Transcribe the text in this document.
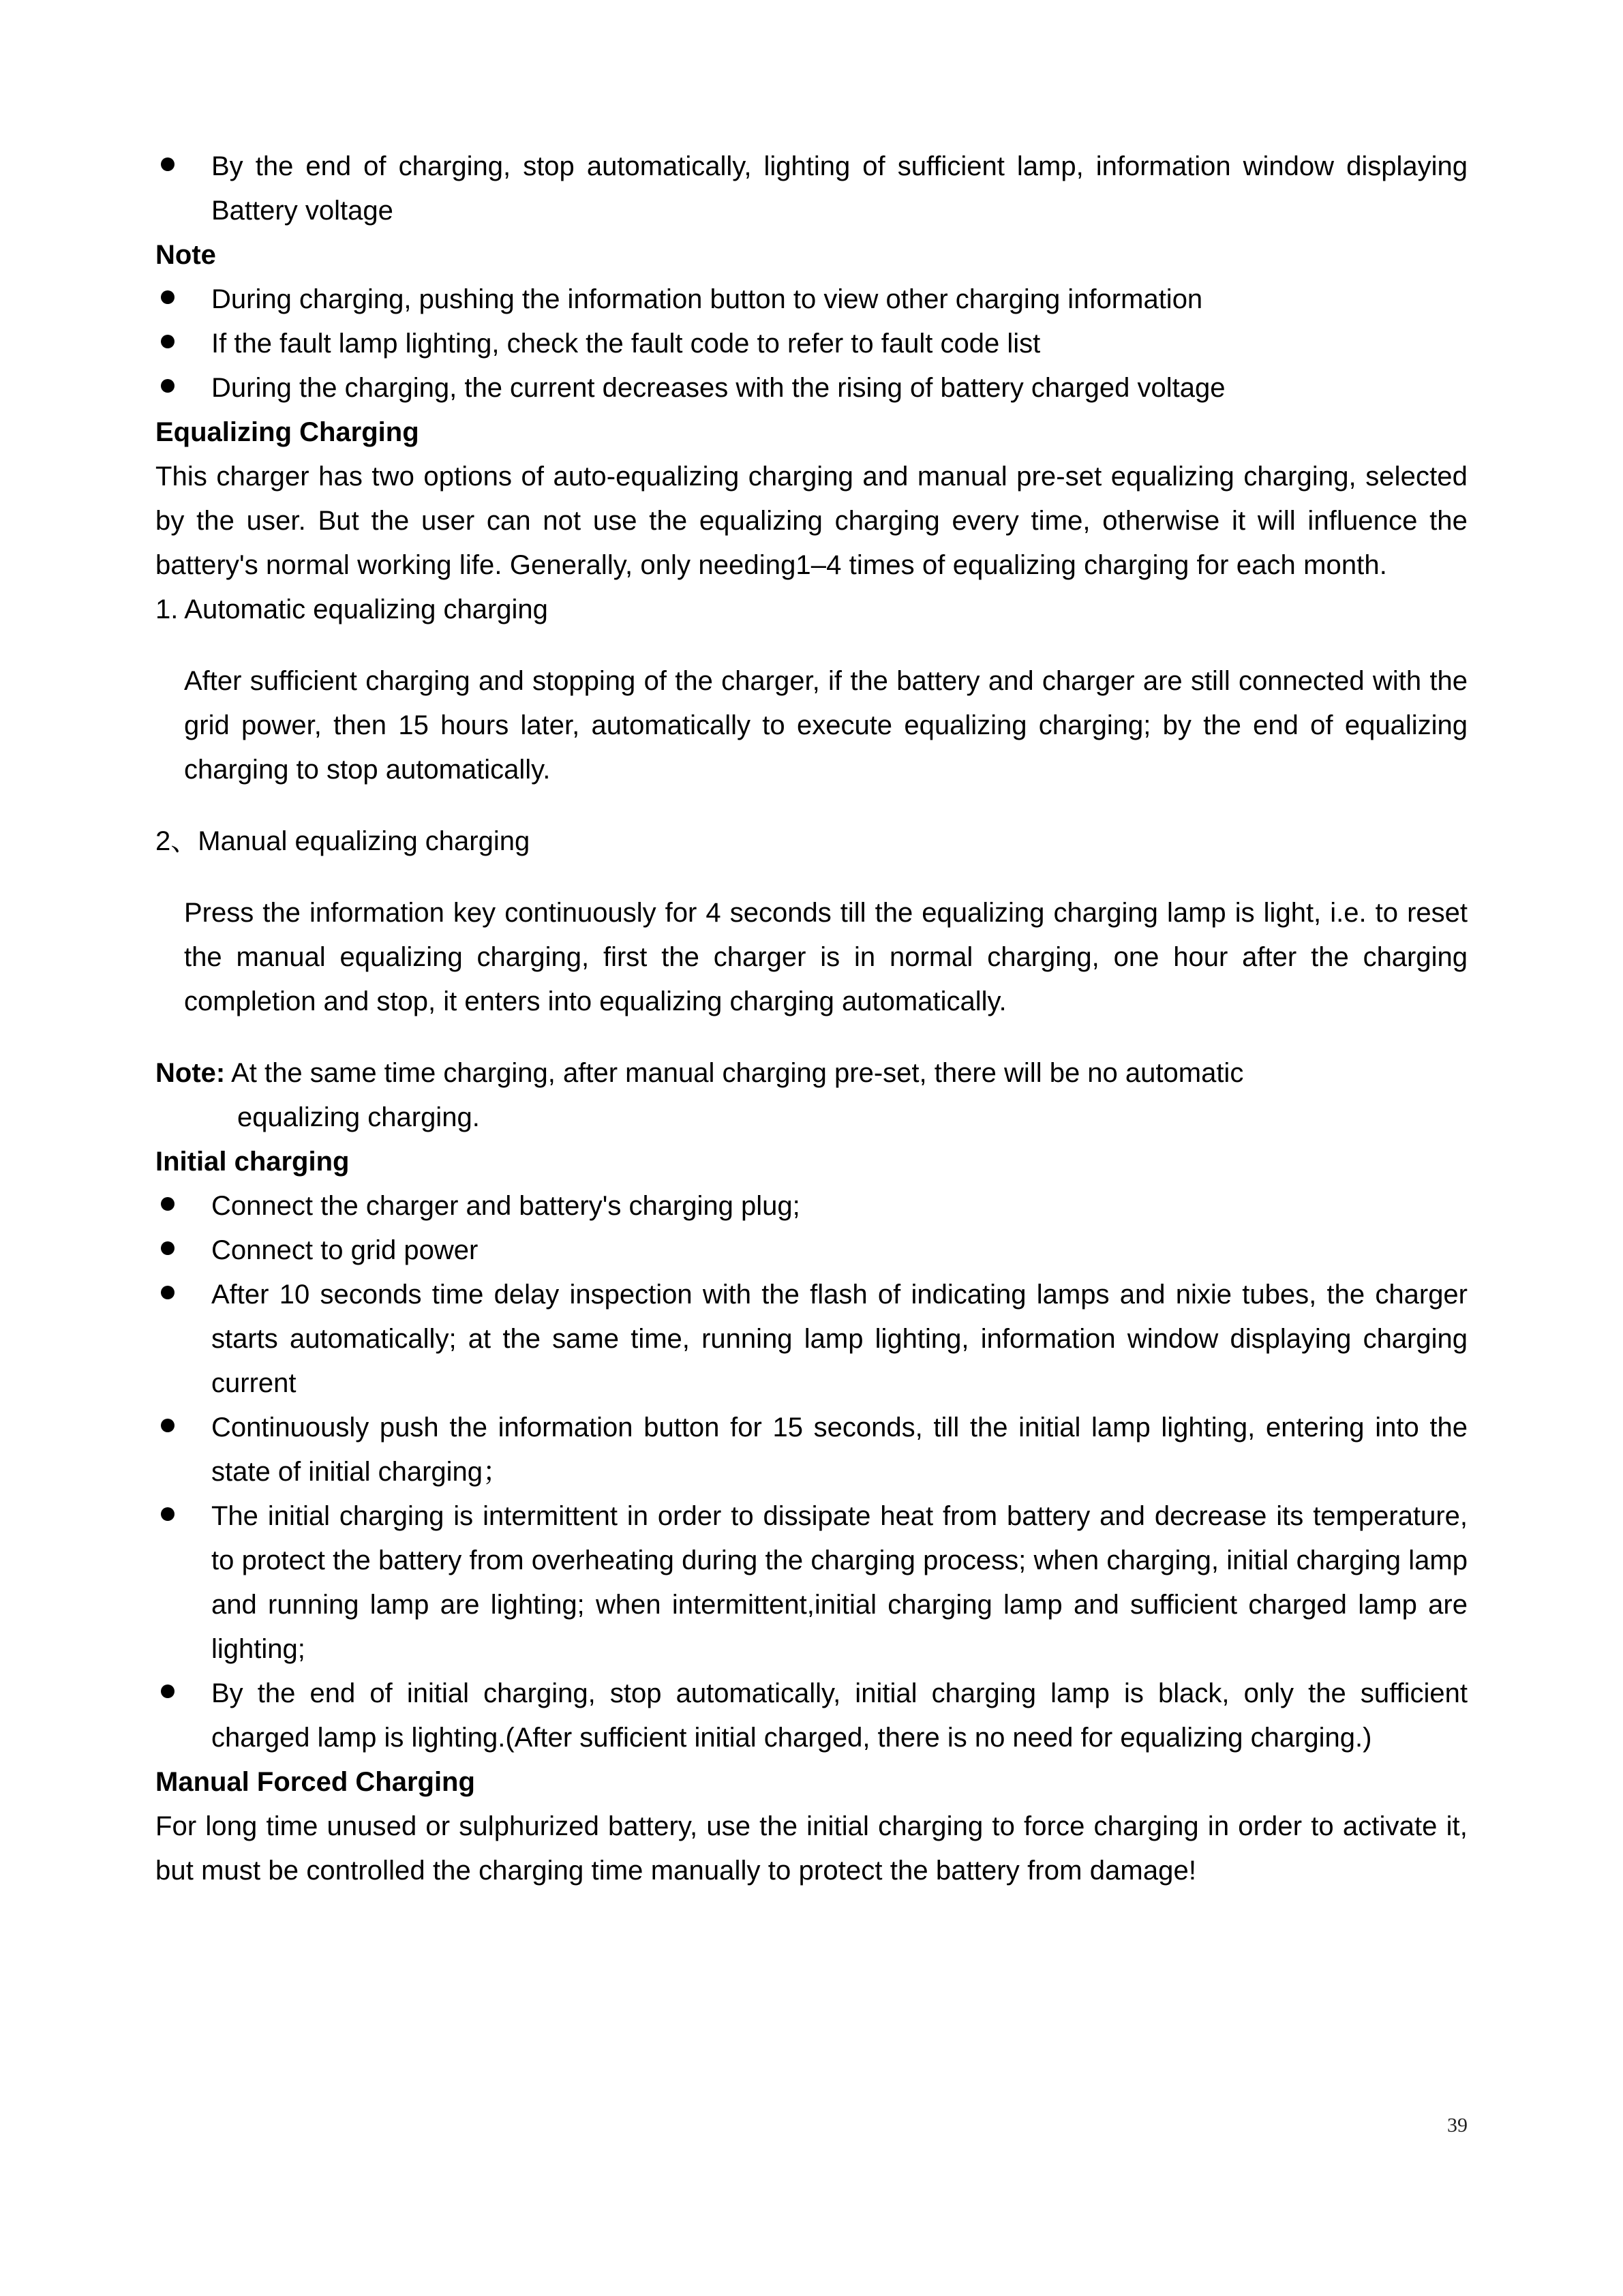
By the end of charging, stop automatically, lighting of sufficient lamp, information window displaying Battery voltage
Note
During charging, pushing the information button to view other charging information
If the fault lamp lighting, check the fault code to refer to fault code list
During the charging, the current decreases with the rising of battery charged voltage
Equalizing Charging

This charger has two options of auto-equalizing charging and manual pre-set equalizing charging, selected by the user. But the user can not use the equalizing charging every time, otherwise it will influence the battery's normal working life. Generally, only needing1–4 times of equalizing charging for each month.

1. Automatic equalizing charging

After sufficient charging and stopping of the charger, if the battery and charger are still connected with the grid power, then 15 hours later, automatically to execute equalizing charging; by the end of equalizing charging to stop automatically.

2、Manual equalizing charging

Press the information key continuously for 4 seconds till the equalizing charging lamp is light, i.e. to reset the manual equalizing charging, first the charger is in normal charging, one hour after the charging completion and stop, it enters into equalizing charging automatically.

Note: At the same time charging, after manual charging pre-set, there will be no automatic
equalizing charging.
Initial charging
Connect the charger and battery's charging plug;
Connect to grid power
After 10 seconds time delay inspection with the flash of indicating lamps and nixie tubes, the charger starts automatically; at the same time, running lamp lighting, information window displaying charging current
Continuously push the information button for 15 seconds, till the initial lamp lighting, entering into the state of initial charging；
The initial charging is intermittent in order to dissipate heat from battery and decrease its temperature, to protect the battery from overheating during the charging process; when charging, initial charging lamp and running lamp are lighting; when intermittent,initial charging lamp and sufficient charged lamp are lighting;
By the end of initial charging, stop automatically, initial charging lamp is black, only the sufficient charged lamp is lighting.(After sufficient initial charged, there is no need for equalizing charging.)
Manual Forced Charging

For long time unused or sulphurized battery, use the initial charging to force charging in order to activate it, but must be controlled the charging time manually to protect the battery from damage!

39
